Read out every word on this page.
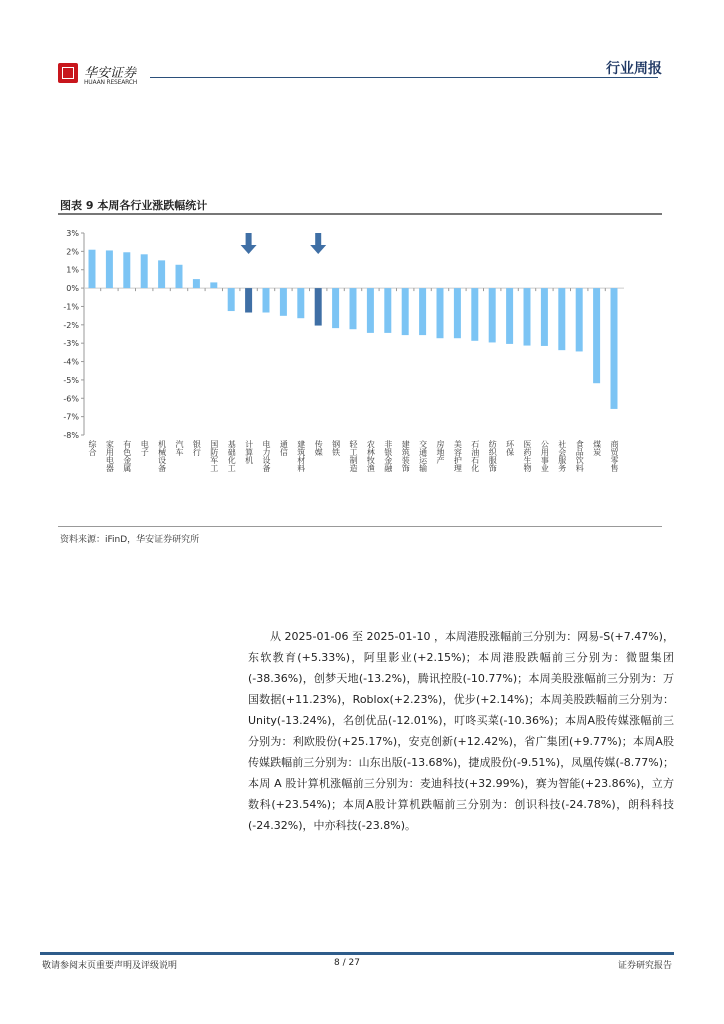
华安证券
HUAAN RESEARCH
行业周报
图表 9 本周各行业涨跌幅统计
3%
2%
1%
0%
-1%
-2%
-3%
-4%
-5%
-6%
-7%
-8%
综合 家用电器 有色金属 电子 机械设备 汽车 银行 国防军工 基础化工 计算机 电力设备 通信 建筑材料 传媒 钢铁 轻工制造 农林牧渔 非银金融 建筑装饰 交通运输 房地产 美容护理 石油石化 纺织服饰 环保 医药生物 公用事业 社会服务 食品饮料 煤炭 商贸零售
资料来源：iFinD，华安证券研究所
从 2025-01-06 至 2025-01-10 ，本周港股涨幅前三分别为：网易-S(+7.47%)，东软教育(+5.33%)，阿里影业(+2.15%)；本周港股跌幅前三分别为：微盟集团(-38.36%)，创梦天地(-13.2%)，腾讯控股(-10.77%)；本周美股涨幅前三分别为：万国数据(+11.23%)，Roblox(+2.23%)，优步(+2.14%)；本周美股跌幅前三分别为：Unity(-13.24%)，名创优品(-12.01%)，叮咚买菜(-10.36%)；本周A股传媒涨幅前三分别为：利欧股份(+25.17%)，安克创新(+12.42%)，省广集团(+9.77%)；本周A股传媒跌幅前三分别为：山东出版(-13.68%)，捷成股份(-9.51%)，凤凰传媒(-8.77%)；本周 A 股计算机涨幅前三分别为：麦迪科技(+32.99%)，赛为智能(+23.86%)，立方数科(+23.54%)；本周A股计算机跌幅前三分别为：创识科技(-24.78%)，朗科科技(-24.32%)，中亦科技(-23.8%)。
敬请参阅末页重要声明及评级说明	8 / 27	证券研究报告
